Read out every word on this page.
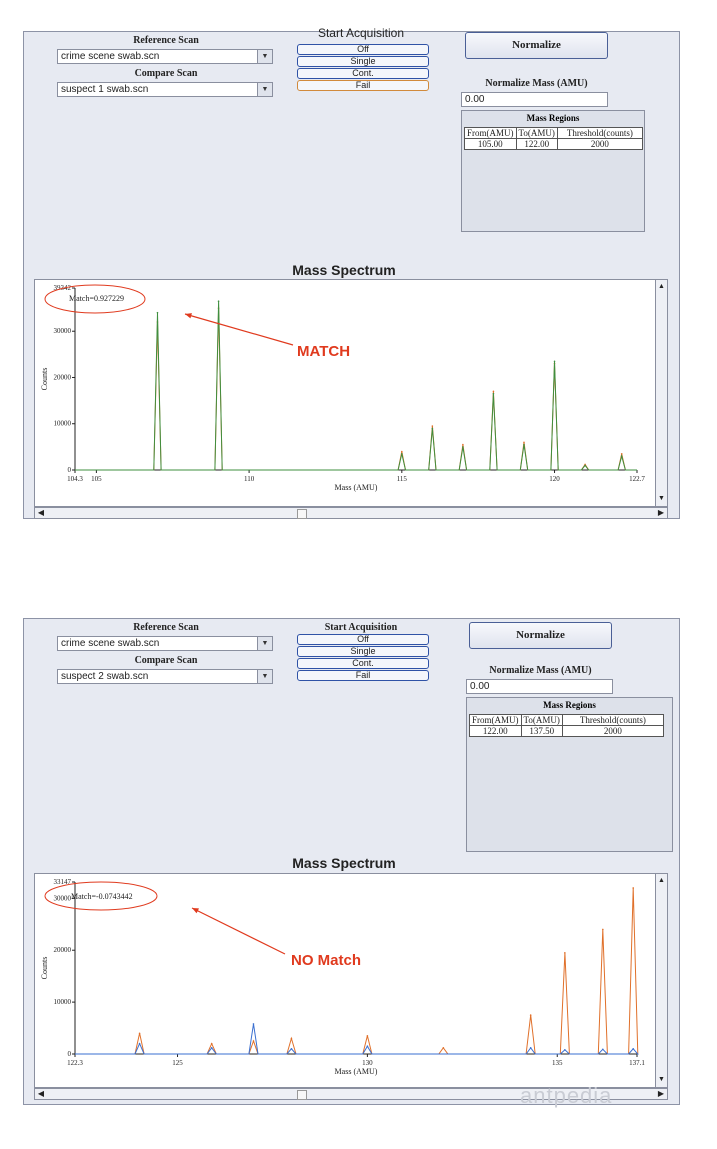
Reference Scan
crime scene swab.scn	▼
Compare Scan
suspect 1 swab.scn	▼
Start Acquisition
Off
Single
Cont.
Fail
Normalize
Normalize Mass (AMU)
0.00
Mass Regions
From(AMU)	To(AMU)	Threshold(counts)
105.00	122.00	2000
Mass Spectrum
0
10000
20000
30000
39342
104.3 105	110	115	120	122.7
Mass (AMU)
Counts
Match=0.927229
MATCH
▲
▼
◀	▶
Reference Scan
crime scene swab.scn	▼
Compare Scan
suspect 2 swab.scn	▼
Start Acquisition
Off
Single
Cont.
Fail
Normalize
Normalize Mass (AMU)
0.00
Mass Regions
From(AMU)	To(AMU)	Threshold(counts)
122.00	137.50	2000
Mass Spectrum
0
10000
20000
30000
33147
122.3	125	130	135	137.1
Mass (AMU)
Counts
Match=-0.0743442
NO Match
▲
▼
◀	▶
antpedia
